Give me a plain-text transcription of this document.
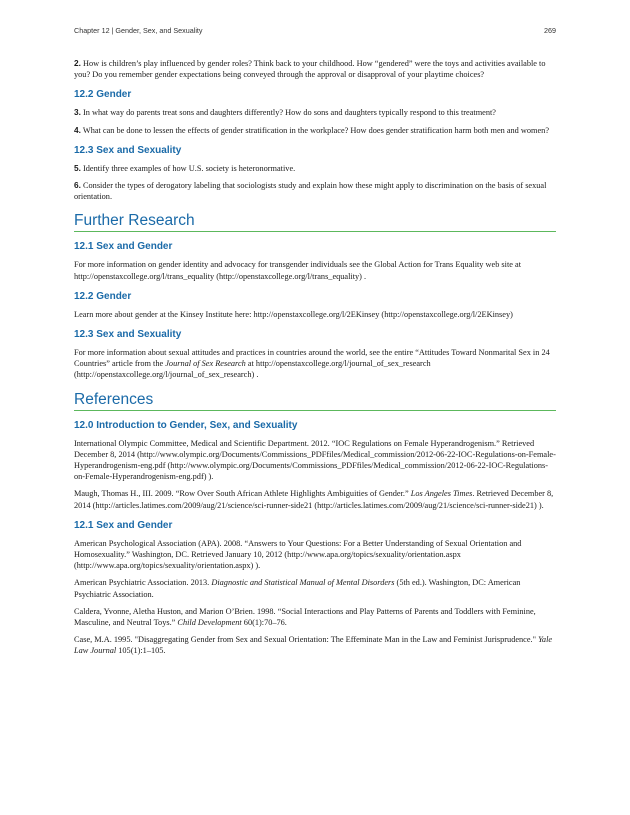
Chapter 12 | Gender, Sex, and Sexuality	269

2. How is children’s play influenced by gender roles? Think back to your childhood. How “gendered” were the toys and activities available to you? Do you remember gender expectations being conveyed through the approval or disapproval of your playtime choices?

12.2 Gender

3. In what way do parents treat sons and daughters differently? How do sons and daughters typically respond to this treatment?

4. What can be done to lessen the effects of gender stratification in the workplace? How does gender stratification harm both men and women?

12.3 Sex and Sexuality

5. Identify three examples of how U.S. society is heteronormative.

6. Consider the types of derogatory labeling that sociologists study and explain how these might apply to discrimination on the basis of sexual orientation.

Further Research
12.1 Sex and Gender

For more information on gender identity and advocacy for transgender individuals see the Global Action for Trans Equality web site at http://openstaxcollege.org/l/trans_equality (http://openstaxcollege.org/l/trans_equality) .

12.2 Gender

Learn more about gender at the Kinsey Institute here: http://openstaxcollege.org/l/2EKinsey (http://openstaxcollege.org/l/2EKinsey)

12.3 Sex and Sexuality

For more information about sexual attitudes and practices in countries around the world, see the entire “Attitudes Toward Nonmarital Sex in 24 Countries” article from the Journal of Sex Research at http://openstaxcollege.org/l/journal_of_sex_research (http://openstaxcollege.org/l/journal_of_sex_research) .

References
12.0 Introduction to Gender, Sex, and Sexuality

International Olympic Committee, Medical and Scientific Department. 2012. “IOC Regulations on Female Hyperandrogenism.” Retrieved December 8, 2014 (http://www.olympic.org/Documents/Commissions_PDFfiles/Medical_commission/2012-06-22-IOC-Regulations-on-Female-Hyperandrogenism-eng.pdf (http://www.olympic.org/Documents/Commissions_PDFfiles/Medical_commission/2012-06-22-IOC-Regulations-on-Female-Hyperandrogenism-eng.pdf) ).

Maugh, Thomas H., III. 2009. “Row Over South African Athlete Highlights Ambiguities of Gender.” Los Angeles Times. Retrieved December 8, 2014 (http://articles.latimes.com/2009/aug/21/science/sci-runner-side21 (http://articles.latimes.com/2009/aug/21/science/sci-runner-side21) ).

12.1 Sex and Gender

American Psychological Association (APA). 2008. “Answers to Your Questions: For a Better Understanding of Sexual Orientation and Homosexuality.” Washington, DC. Retrieved January 10, 2012 (http://www.apa.org/topics/sexuality/orientation.aspx (http://www.apa.org/topics/sexuality/orientation.aspx) ).

American Psychiatric Association. 2013. Diagnostic and Statistical Manual of Mental Disorders (5th ed.). Washington, DC: American Psychiatric Association.

Caldera, Yvonne, Aletha Huston, and Marion O’Brien. 1998. “Social Interactions and Play Patterns of Parents and Toddlers with Feminine, Masculine, and Neutral Toys.” Child Development 60(1):70–76.

Case, M.A. 1995. "Disaggregating Gender from Sex and Sexual Orientation: The Effeminate Man in the Law and Feminist Jurisprudence." Yale Law Journal 105(1):1–105.
